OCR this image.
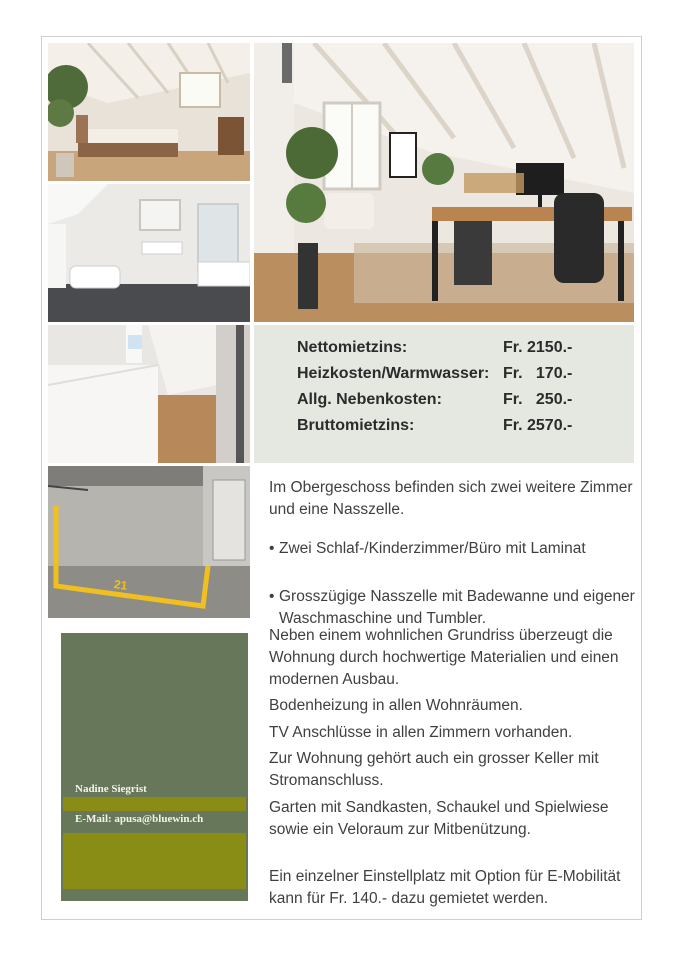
21
Nettomietzins:	Fr. 2150.-
Heizkosten/Warmwasser: Fr.   170.-
Allg. Nebenkosten:	Fr.   250.-
Bruttomietzins:	Fr. 2570.-
Im Obergeschoss befinden sich zwei weitere Zimmer und eine Nasszelle.
• Zwei Schlaf-/Kinderzimmer/Büro mit Laminat
• Grosszügige Nasszelle mit Badewanne und eigener Waschmaschine und Tumbler.
Neben einem wohnlichen Grundriss überzeugt die Wohnung durch hochwertige Materialien und einen modernen Ausbau.
Bodenheizung in allen Wohnräumen.
TV Anschlüsse in allen Zimmern vorhanden.
Zur Wohnung gehört auch ein grosser Keller mit Stromanschluss.
Garten mit Sandkasten, Schaukel und Spielwiese sowie ein Veloraum zur Mitbenützung.
Ein einzelner Einstellplatz mit Option für E-Mobilität kann für Fr. 140.- dazu gemietet werden.
Nadine Siegrist
E-Mail: apusa@bluewin.ch
